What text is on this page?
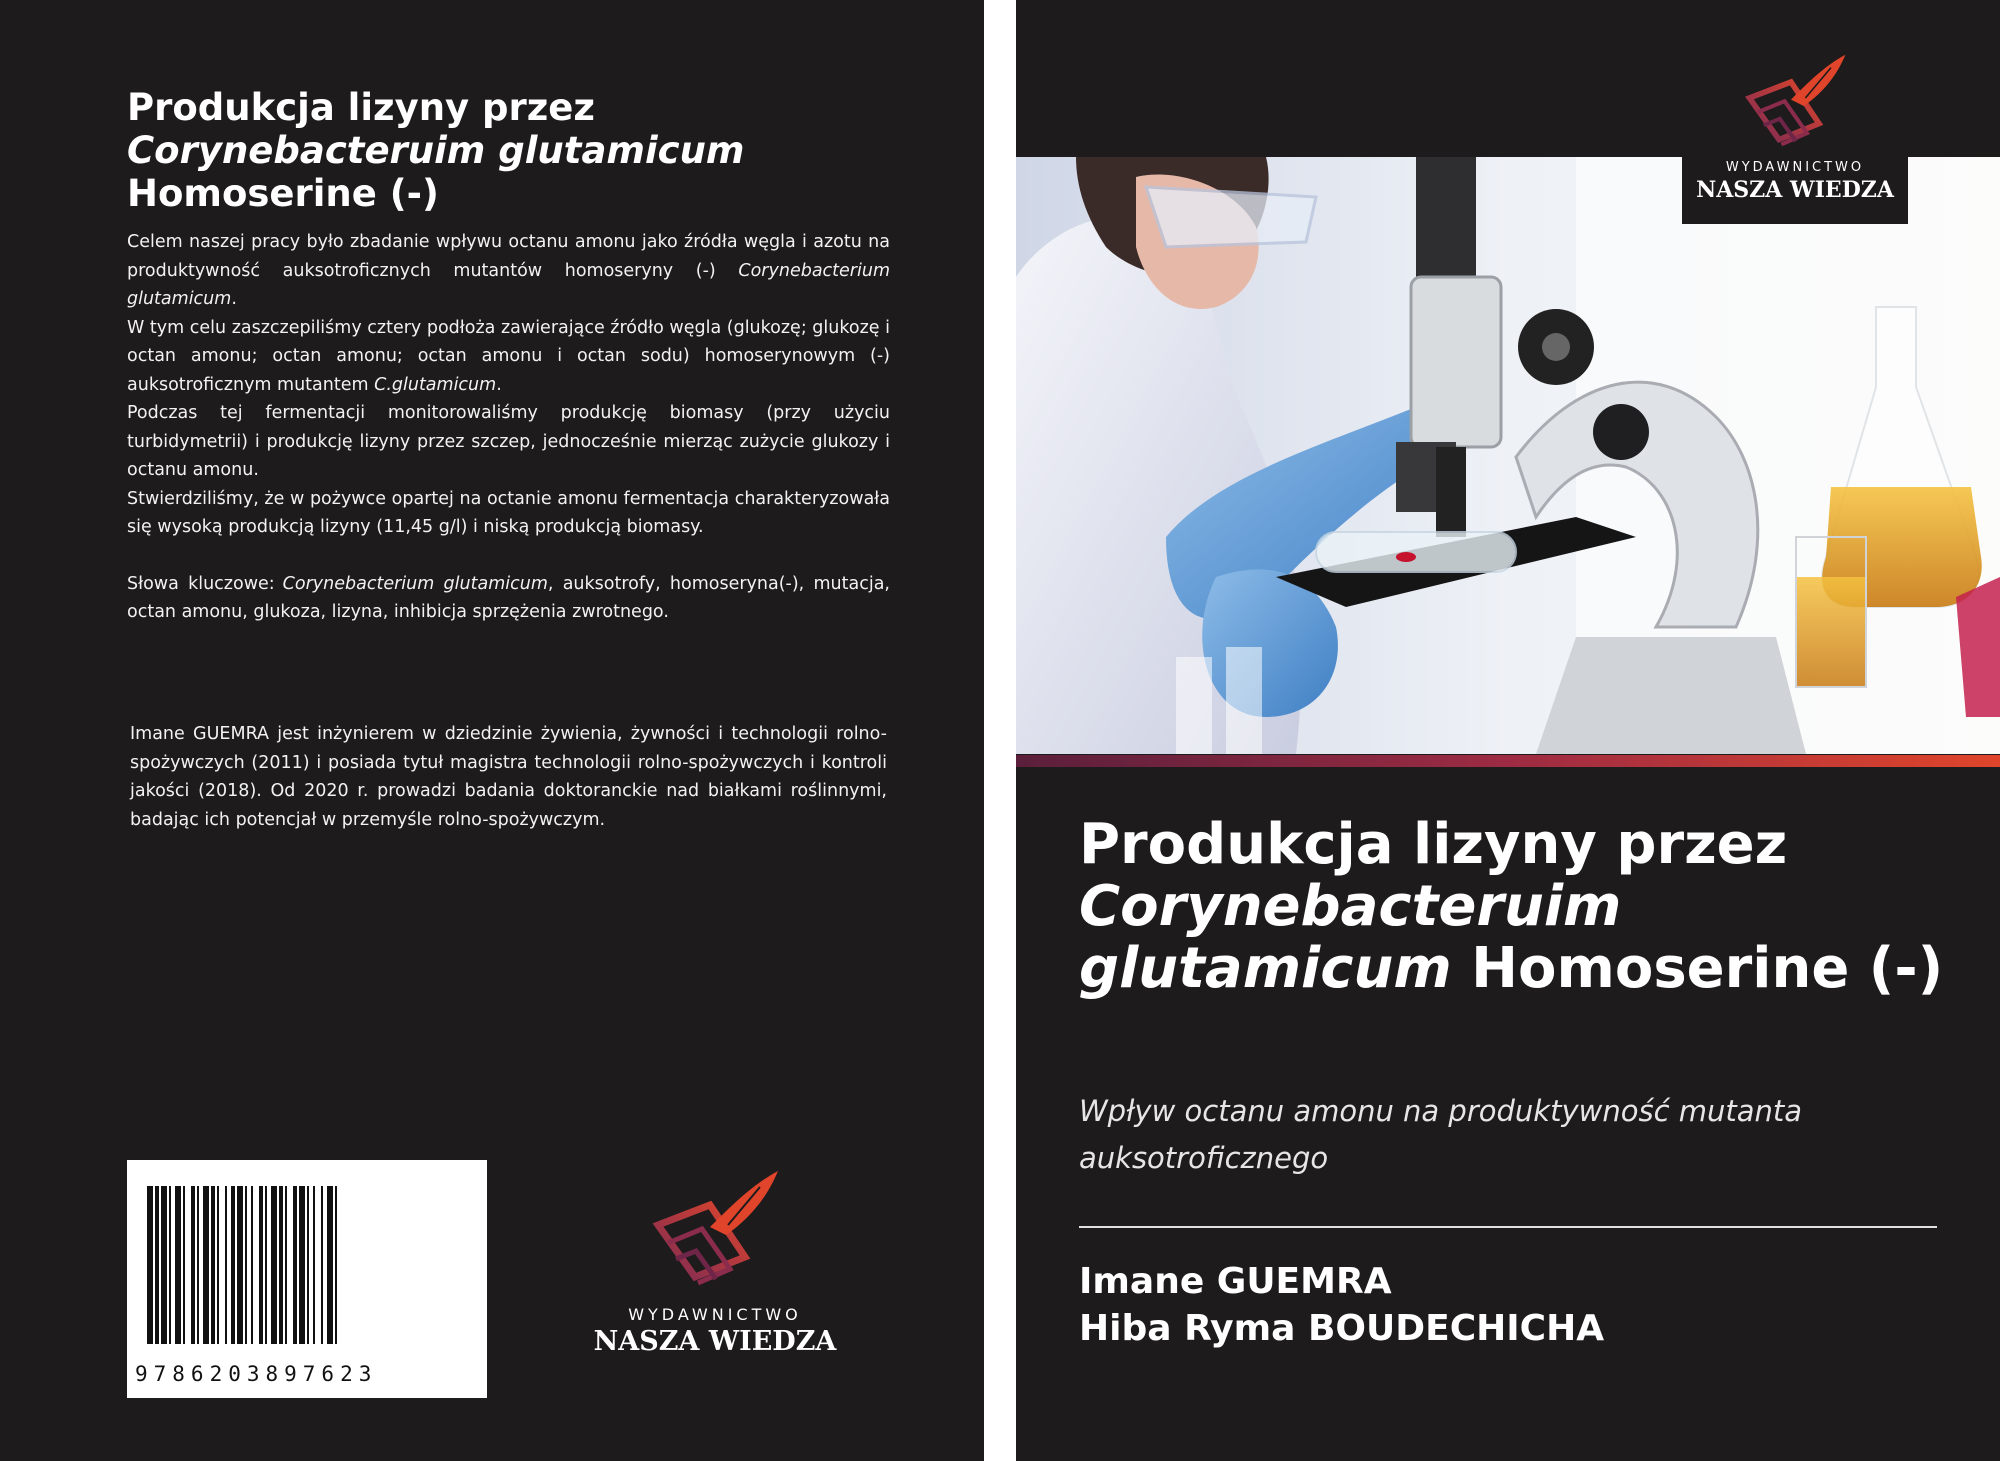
Produkcja lizyny przez
Corynebacteruim glutamicum
Homoserine (-)

Celem naszej pracy było zbadanie wpływu octanu amonu jako źródła węgla i azotu na produktywność auksotroficznych mutantów homoseryny (-) Corynebacterium glutamicum.

W tym celu zaszczepiliśmy cztery podłoża zawierające źródło węgla (glukozę; glukozę i octan amonu; octan amonu; octan amonu i octan sodu) homoserynowym (-) auksotroficznym mutantem C.glutamicum.

Podczas tej fermentacji monitorowaliśmy produkcję biomasy (przy użyciu turbidymetrii) i produkcję lizyny przez szczep, jednocześnie mierząc zużycie glukozy i octanu amonu.

Stwierdziliśmy, że w pożywce opartej na octanie amonu fermentacja charakteryzowała się wysoką produkcją lizyny (11,45 g/l) i niską produkcją biomasy.

Słowa kluczowe: Corynebacterium glutamicum, auksotrofy, homoseryna(-), mutacja, octan amonu, glukoza, lizyna, inhibicja sprzężenia zwrotnego.

Imane GUEMRA jest inżynierem w dziedzinie żywienia, żywności i technologii rolno-spożywczych (2011) i posiada tytuł magistra technologii rolno-spożywczych i kontroli jakości (2018). Od 2020 r. prowadzi badania doktoranckie nad białkami roślinnymi, badając ich potencjał w przemyśle rolno-spożywczym.
9786203897623
WYDAWNICTWO
NASZA WIEDZA
WYDAWNICTWO
NASZA WIEDZA
Produkcja lizyny przez
Corynebacteruim glutamicum Homoserine (-)
Wpływ octanu amonu na produktywność mutanta auksotroficznego
Imane GUEMRA
Hiba Ryma BOUDECHICHA
